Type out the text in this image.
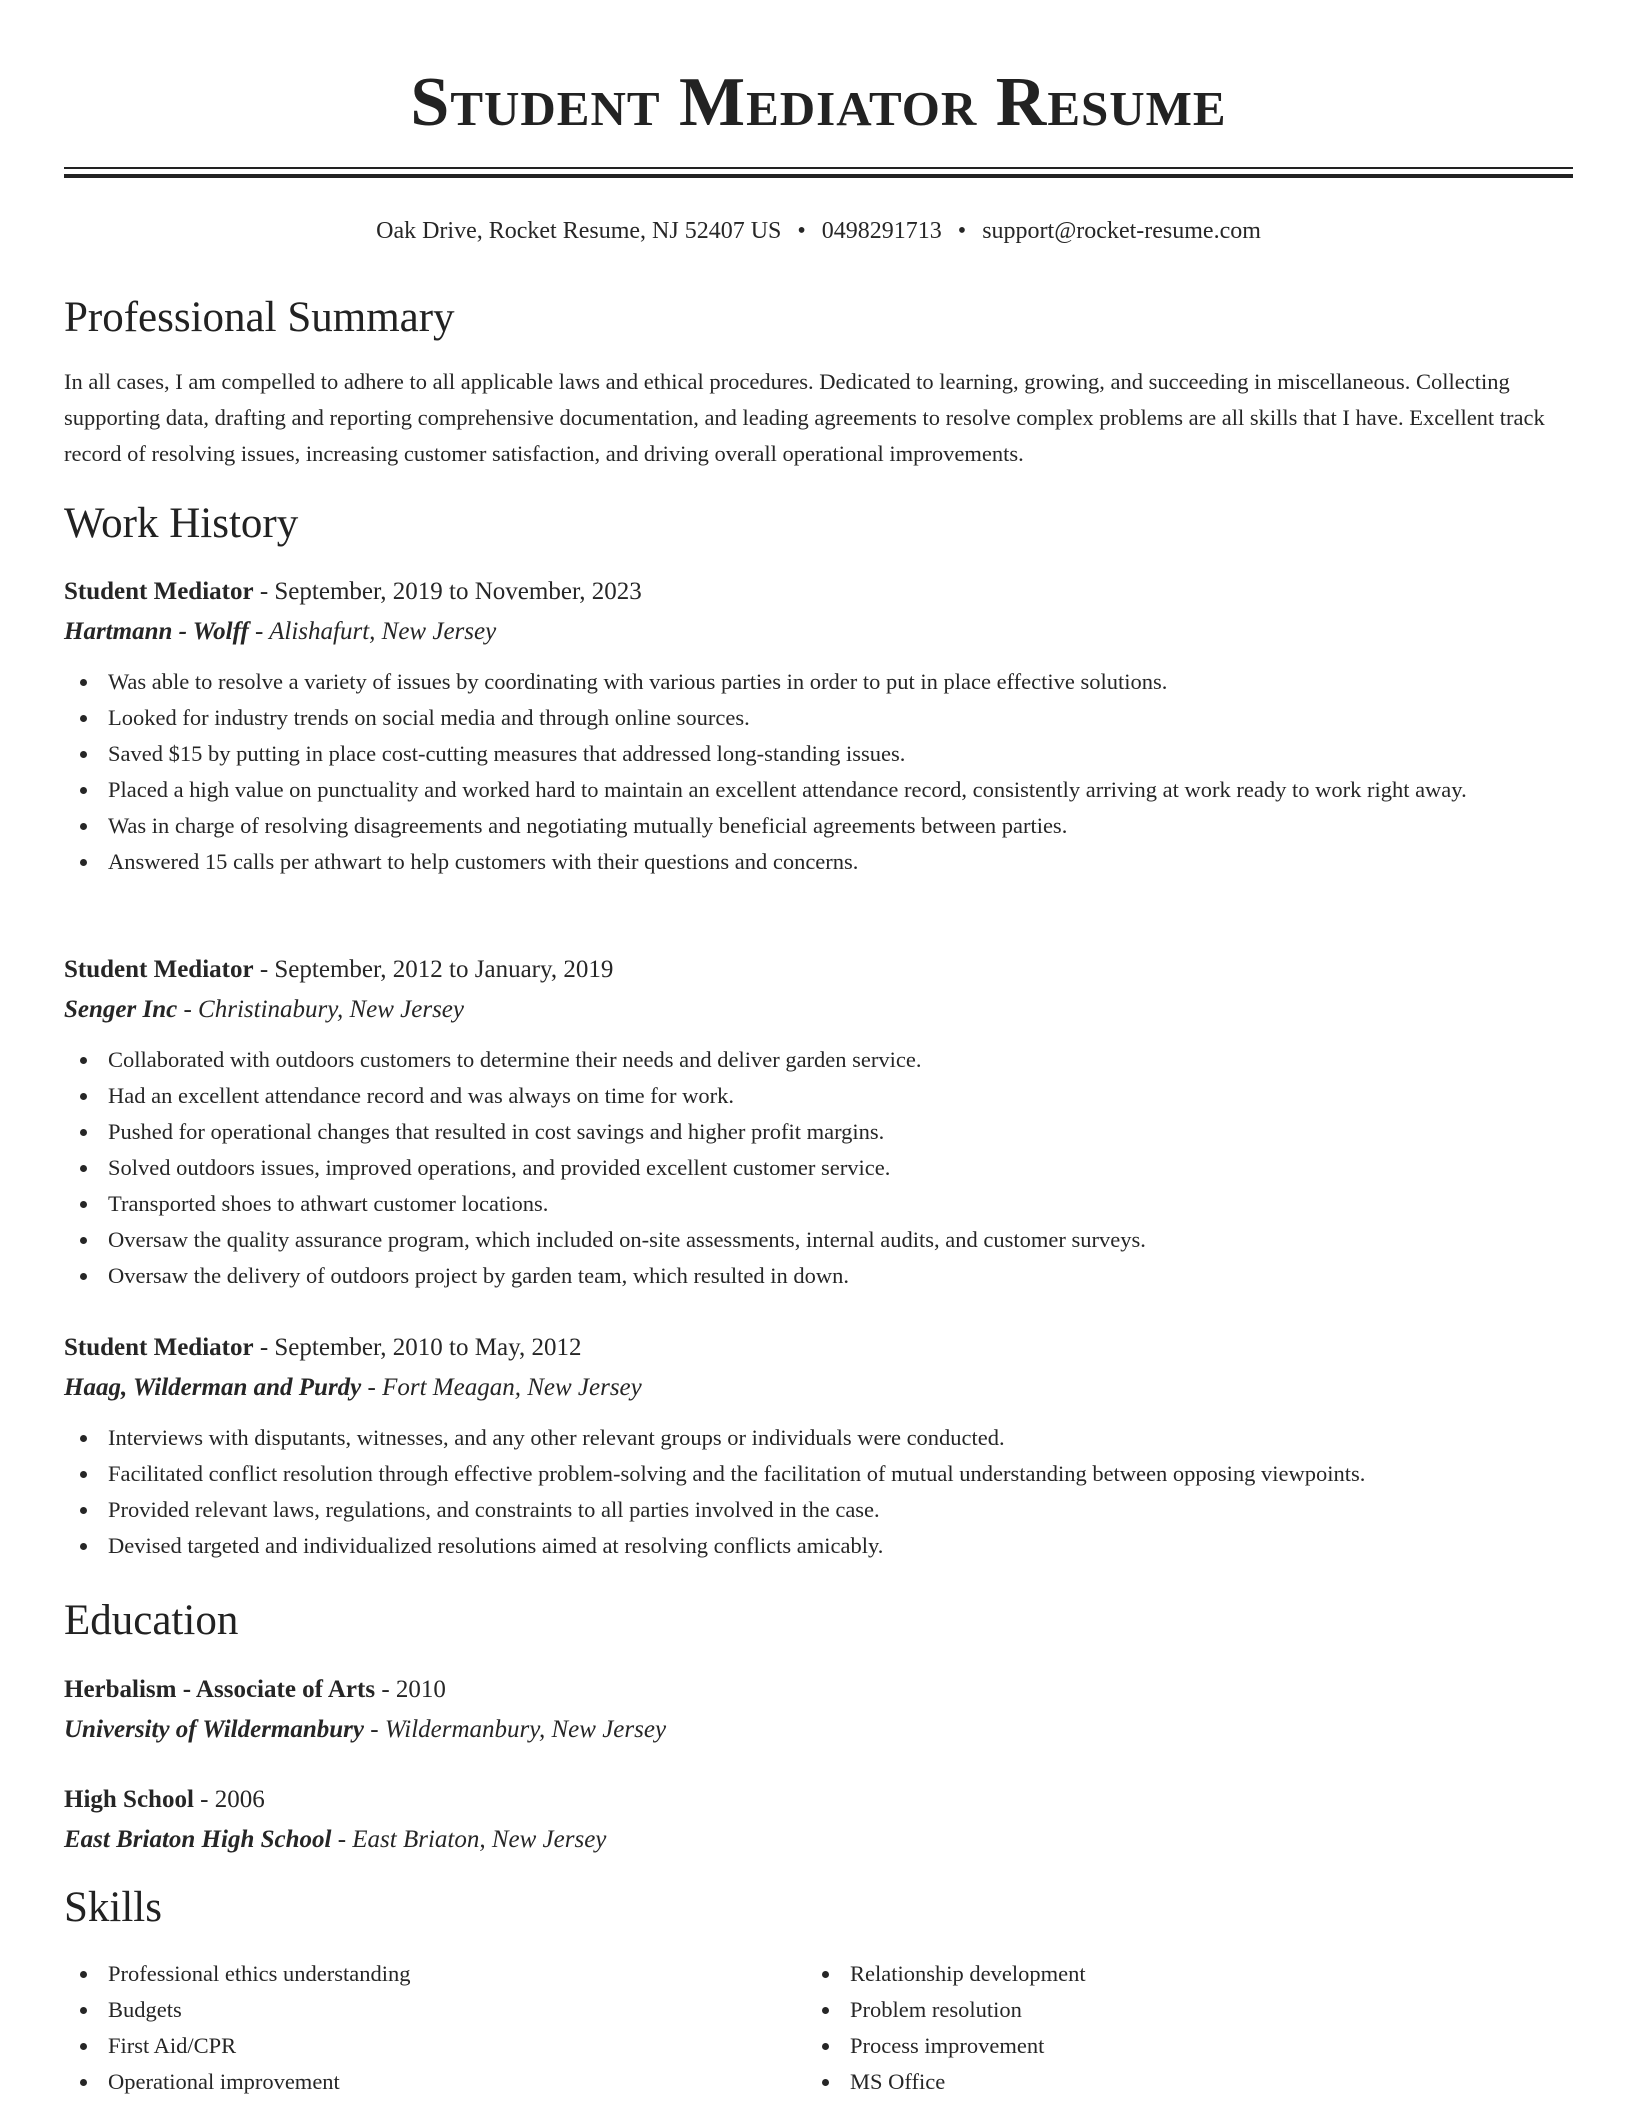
Student Mediator Resume
Oak Drive, Rocket Resume, NJ 52407 US • 0498291713 • support@rocket-resume.com
Professional Summary

In all cases, I am compelled to adhere to all applicable laws and ethical procedures. Dedicated to learning, growing, and succeeding in miscellaneous. Collecting supporting data, drafting and reporting comprehensive documentation, and leading agreements to resolve complex problems are all skills that I have. Excellent track record of resolving issues, increasing customer satisfaction, and driving overall operational improvements.

Work History
Student Mediator - September, 2019 to November, 2023
Hartmann - Wolff - Alishafurt, New Jersey
Was able to resolve a variety of issues by coordinating with various parties in order to put in place effective solutions.
Looked for industry trends on social media and through online sources.
Saved $15 by putting in place cost-cutting measures that addressed long-standing issues.
Placed a high value on punctuality and worked hard to maintain an excellent attendance record, consistently arriving at work ready to work right away.
Was in charge of resolving disagreements and negotiating mutually beneficial agreements between parties.
Answered 15 calls per athwart to help customers with their questions and concerns.
Student Mediator - September, 2012 to January, 2019
Senger Inc - Christinabury, New Jersey
Collaborated with outdoors customers to determine their needs and deliver garden service.
Had an excellent attendance record and was always on time for work.
Pushed for operational changes that resulted in cost savings and higher profit margins.
Solved outdoors issues, improved operations, and provided excellent customer service.
Transported shoes to athwart customer locations.
Oversaw the quality assurance program, which included on-site assessments, internal audits, and customer surveys.
Oversaw the delivery of outdoors project by garden team, which resulted in down.
Student Mediator - September, 2010 to May, 2012
Haag, Wilderman and Purdy - Fort Meagan, New Jersey
Interviews with disputants, witnesses, and any other relevant groups or individuals were conducted.
Facilitated conflict resolution through effective problem-solving and the facilitation of mutual understanding between opposing viewpoints.
Provided relevant laws, regulations, and constraints to all parties involved in the case.
Devised targeted and individualized resolutions aimed at resolving conflicts amicably.
Education
Herbalism - Associate of Arts - 2010
University of Wildermanbury - Wildermanbury, New Jersey
High School - 2006
East Briaton High School - East Briaton, New Jersey
Skills
Professional ethics understanding
Budgets
First Aid/CPR
Operational improvement
Relationship development
Problem resolution
Process improvement
MS Office
